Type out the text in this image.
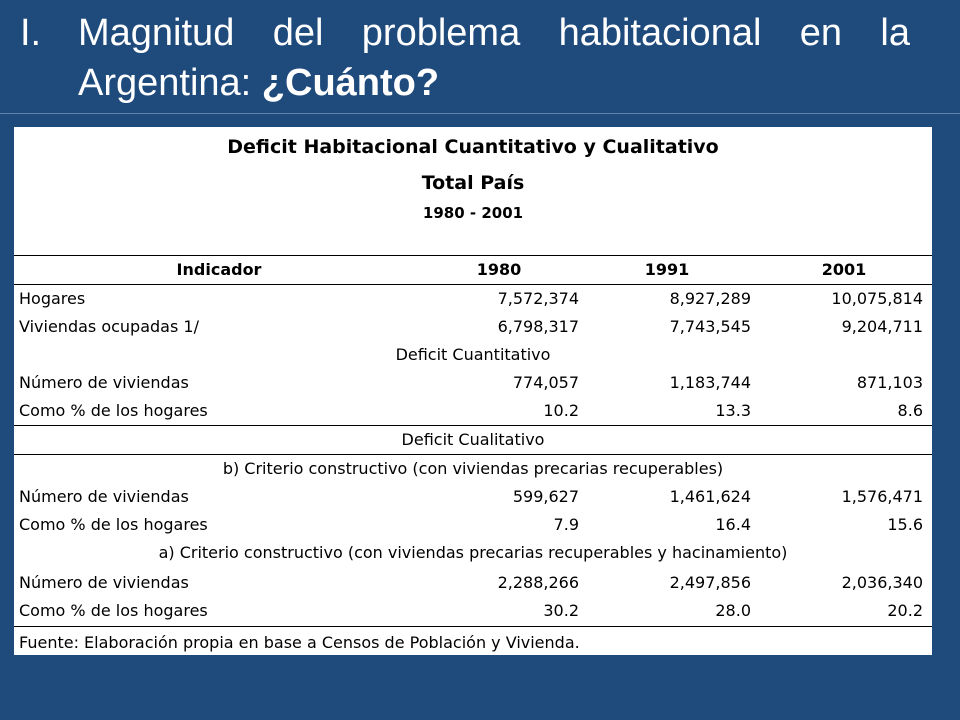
I. Magnitud del problema habitacional en la
Argentina: ¿Cuánto?
Deficit Habitacional Cuantitativo y Cualitativo
Total País
1980 - 2001
Indicador	1980	1991	2001
Hogares	7,572,374	8,927,289	10,075,814
Viviendas ocupadas 1/	6,798,317	7,743,545	9,204,711
Deficit Cuantitativo
Número de viviendas	774,057	1,183,744	871,103
Como % de los hogares	10.2	13.3	8.6
Deficit Cualitativo
b) Criterio constructivo (con viviendas precarias recuperables)
Número de viviendas	599,627	1,461,624	1,576,471
Como % de los hogares	7.9	16.4	15.6
a) Criterio constructivo (con viviendas precarias recuperables y hacinamiento)
Número de viviendas	2,288,266	2,497,856	2,036,340
Como % de los hogares	30.2	28.0	20.2
Fuente: Elaboración propia en base a Censos de Población y Vivienda.
